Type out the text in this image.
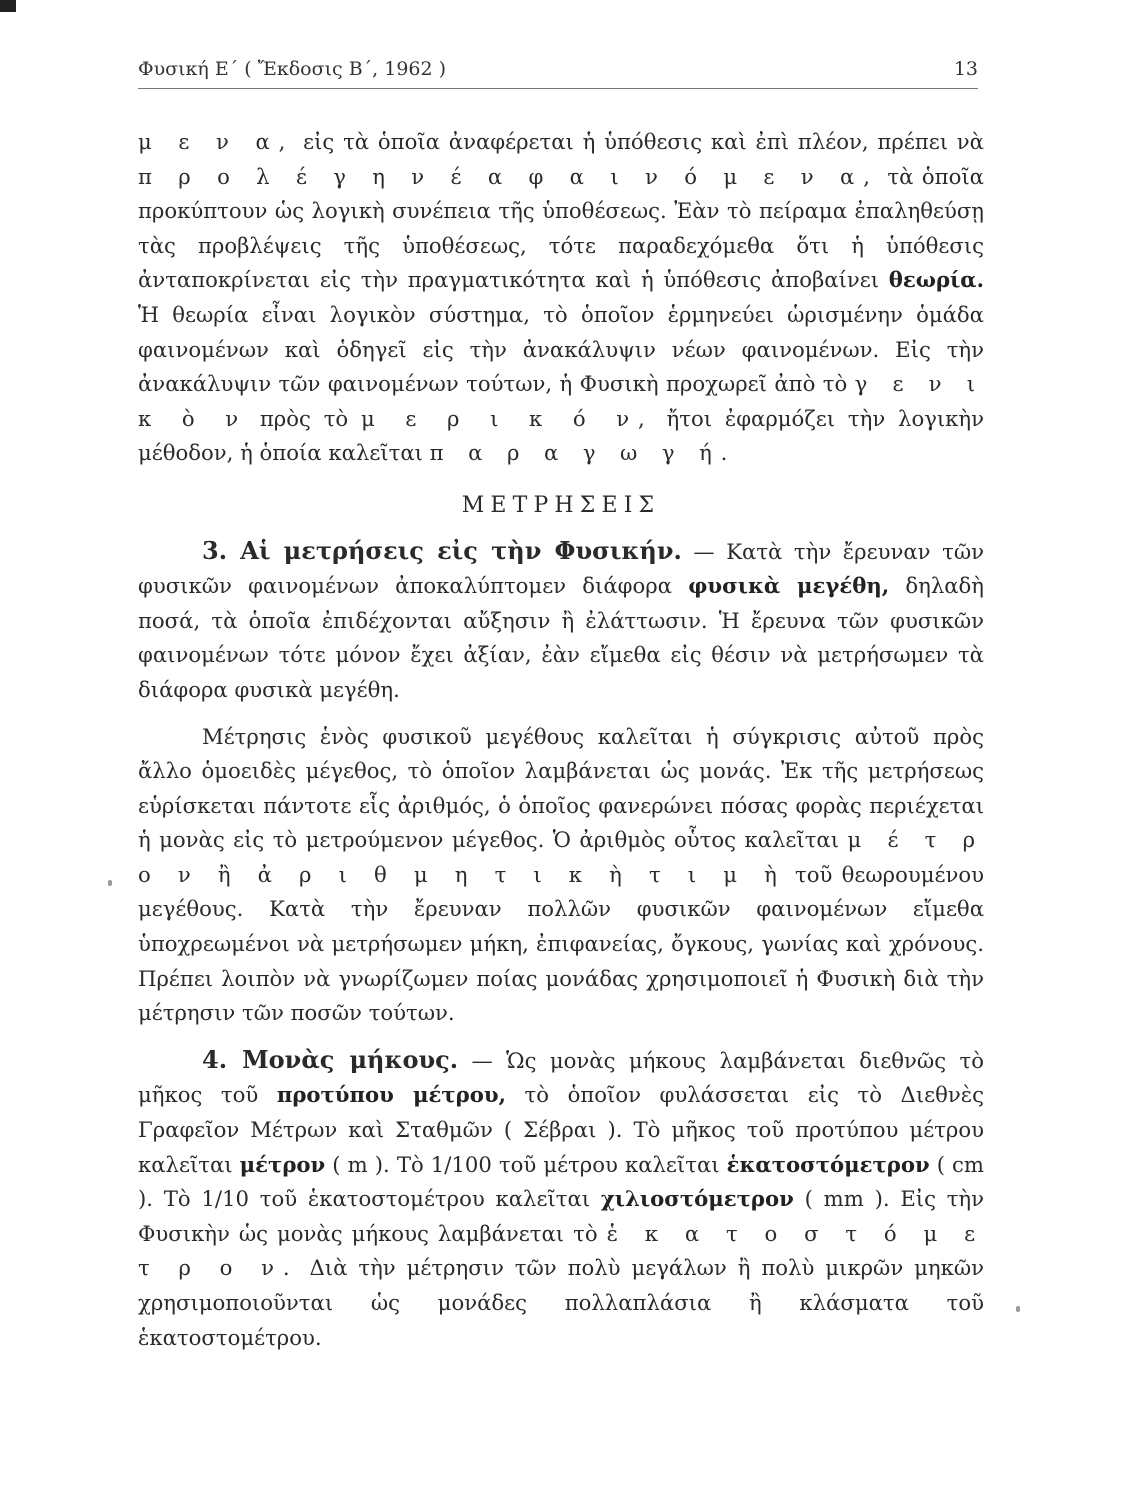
Φυσική Ε΄ ( Ἔκδοσις Β΄, 1962 )	13

μ ε ν α, εἰς τὰ ὁποῖα ἀναφέρεται ἡ ὑπόθεσις καὶ ἐπὶ πλέον, πρέπει νὰ π ρ ο λ έ γ η ν έ α φ α ι ν ό μ ε ν α, τὰ ὁποῖα προκύπτουν ὡς λογικὴ συνέπεια τῆς ὑποθέσεως. Ἐὰν τὸ πείραμα ἐπαληθεύσῃ τὰς προβλέψεις τῆς ὑποθέσεως, τότε παραδεχόμεθα ὅτι ἡ ὑπόθεσις ἀνταποκρίνεται εἰς τὴν πραγματικότητα καὶ ἡ ὑπόθεσις ἀποβαίνει θεωρία. Ἡ θεωρία εἶναι λογικὸν σύστημα, τὸ ὁποῖον ἑρμηνεύει ὡρισμένην ὁμάδα φαινομένων καὶ ὁδηγεῖ εἰς τὴν ἀνακάλυψιν νέων φαινομένων. Εἰς τὴν ἀνακάλυψιν τῶν φαινομένων τούτων, ἡ Φυσικὴ προχωρεῖ ἀπὸ τὸ γ ε ν ι κ ὸ ν πρὸς τὸ μ ε ρ ι κ ό ν, ἤτοι ἐφαρμόζει τὴν λογικὴν μέθοδον, ἡ ὁποία καλεῖται π α ρ α γ ω γ ή.

ΜΕΤΡΗΣΕΙΣ

3. Αἱ μετρήσεις εἰς τὴν Φυσικήν. — Κατὰ τὴν ἔρευναν τῶν φυσικῶν φαινομένων ἀποκαλύπτομεν διάφορα φυσικὰ μεγέθη, δηλαδὴ ποσά, τὰ ὁποῖα ἐπιδέχονται αὔξησιν ἢ ἐλάττωσιν. Ἡ ἔρευνα τῶν φυσικῶν φαινομένων τότε μόνον ἔχει ἀξίαν, ἐὰν εἴμεθα εἰς θέσιν νὰ μετρήσωμεν τὰ διάφορα φυσικὰ μεγέθη.

Μέτρησις ἑνὸς φυσικοῦ μεγέθους καλεῖται ἡ σύγκρισις αὐτοῦ πρὸς ἄλλο ὁμοειδὲς μέγεθος, τὸ ὁποῖον λαμβάνεται ὡς μονάς. Ἐκ τῆς μετρήσεως εὑρίσκεται πάντοτε εἷς ἀριθμός, ὁ ὁποῖος φανερώνει πόσας φορὰς περιέχεται ἡ μονὰς εἰς τὸ μετρούμενον μέγεθος. Ὁ ἀριθμὸς οὗτος καλεῖται μ έ τ ρ ο ν ἢ ἀ ρ ι θ μ η τ ι κ ὴ τ ι μ ὴ τοῦ θεωρουμένου μεγέθους. Κατὰ τὴν ἔρευναν πολλῶν φυσικῶν φαινομένων εἴμεθα ὑποχρεωμένοι νὰ μετρήσωμεν μήκη, ἐπιφανείας, ὄγκους, γωνίας καὶ χρόνους. Πρέπει λοιπὸν νὰ γνωρίζωμεν ποίας μονάδας χρησιμοποιεῖ ἡ Φυσικὴ διὰ τὴν μέτρησιν τῶν ποσῶν τούτων.

4. Μονὰς μήκους. — Ὡς μονὰς μήκους λαμβάνεται διεθνῶς τὸ μῆκος τοῦ προτύπου μέτρου, τὸ ὁποῖον φυλάσσεται εἰς τὸ Διεθνὲς Γραφεῖον Μέτρων καὶ Σταθμῶν ( Σέβραι ). Τὸ μῆκος τοῦ προτύπου μέτρου καλεῖται μέτρον ( m ). Τὸ 1/100 τοῦ μέτρου καλεῖται ἑκατοστόμετρον ( cm ). Τὸ 1/10 τοῦ ἑκατοστομέτρου καλεῖται χιλιοστόμετρον ( mm ). Εἰς τὴν Φυσικὴν ὡς μονὰς μήκους λαμβάνεται τὸ ἑ κ α τ ο σ τ ό μ ε τ ρ ο ν. Διὰ τὴν μέτρησιν τῶν πολὺ μεγάλων ἢ πολὺ μικρῶν μηκῶν χρησιμοποιοῦνται ὡς μονάδες πολλαπλάσια ἢ κλάσματα τοῦ ἑκατοστομέτρου.
